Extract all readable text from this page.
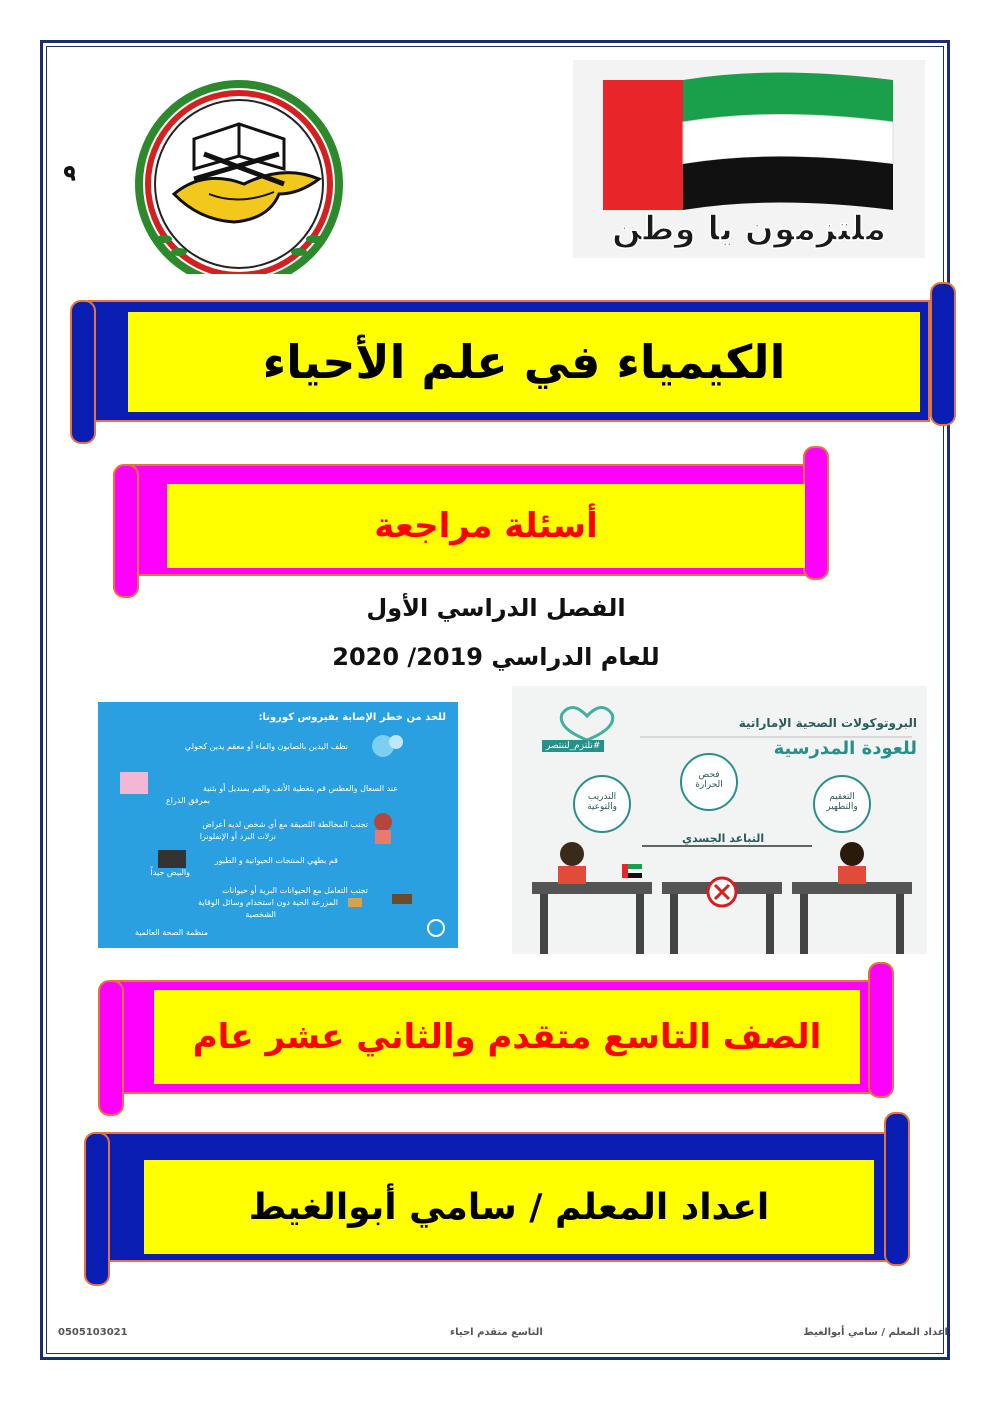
م
ملتزمون يا وطن
الكيمياء في علم الأحياء
أسئلة مراجعة
الفصل الدراسي الأول
للعام الدراسي 2019/ 2020
للحد من خطر الإصابة بفيروس كورونا:
نظف اليدين بالصابون والماء أو معقم يدين كحولي
عند السعال والعطس قم بتغطية الأنف والفم بمنديل أو بثنية
بمرفق الذراع
تجنب المخالطة اللصيقة مع أي شخص لديه أعراض
نزلات البرد أو الإنفلونزا
قم بطهي المنتجات الحيوانية و الطيور
والبيض جيداً
تجنب التعامل مع الحيوانات البرية أو حيوانات
المزرعة الحية دون استخدام وسائل الوقاية
الشخصية
منظمة الصحة العالمية
البروتوكولات الصحية الإماراتية
للعودة المدرسية
#نلتزم_لننتصر
التدريب والتوعية
فحص الحرارة
التعقيم والتطهير
التباعد الجسدي
الصف التاسع متقدم والثاني عشر عام
اعداد المعلم / سامي أبوالغيط
0505103021	التاسع متقدم احياء	اعداد المعلم / سامي أبوالغيط
